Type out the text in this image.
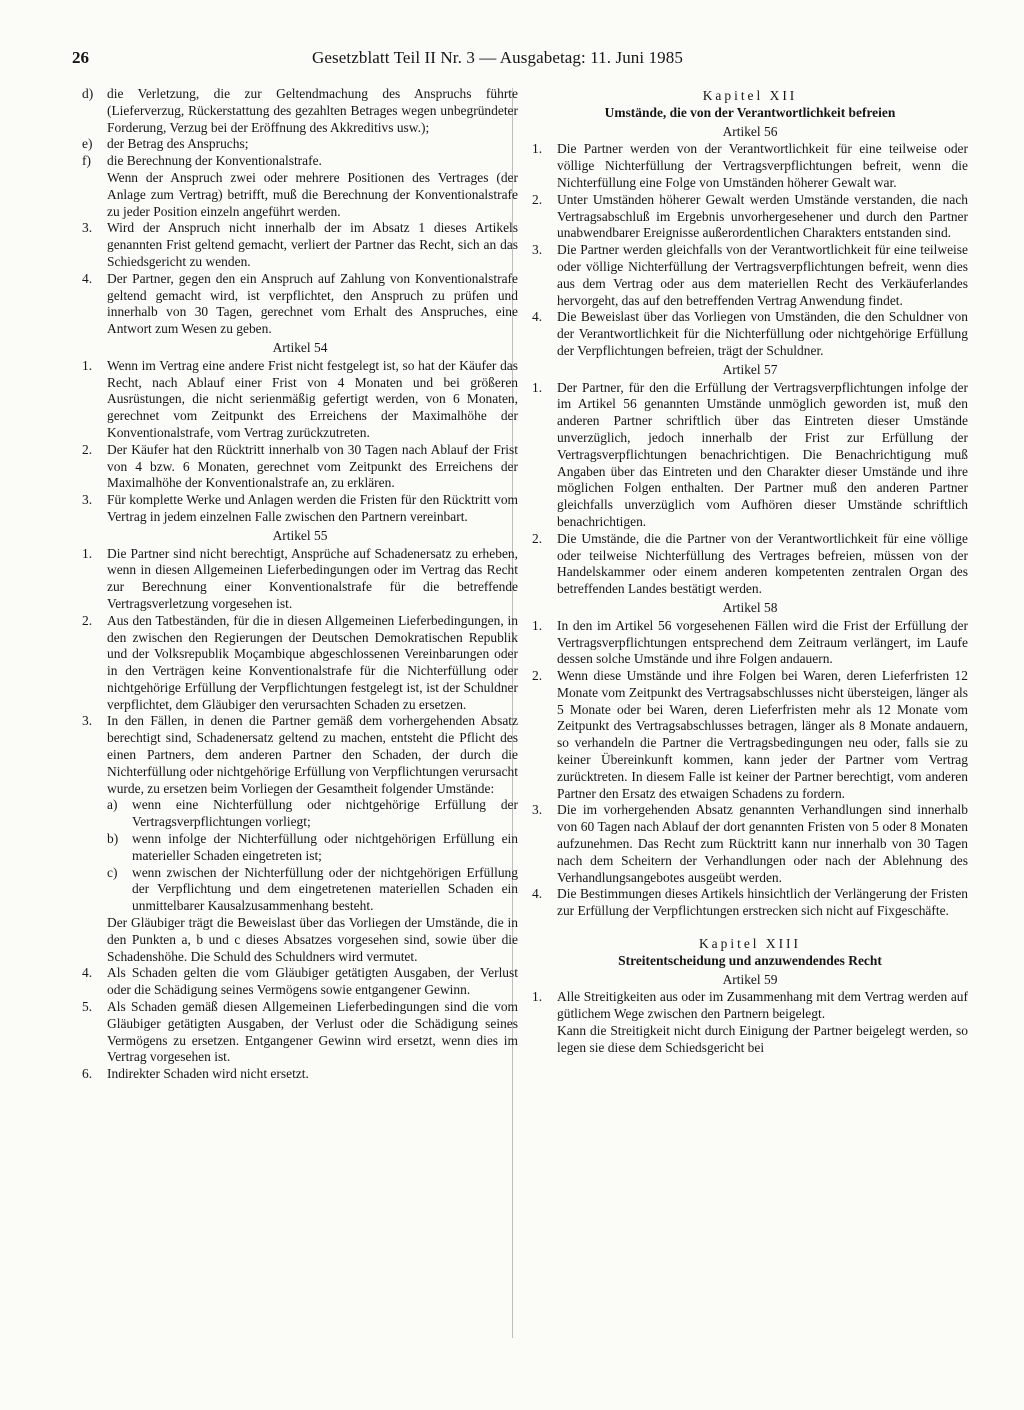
26	Gesetzblatt Teil II Nr. 3 — Ausgabetag: 11. Juni 1985
d) die Verletzung, die zur Geltendmachung des Anspruchs führte (Lieferverzug, Rückerstattung des gezahlten Betrages wegen unbegründeter Forderung, Verzug bei der Eröffnung des Akkreditivs usw.);

e) der Betrag des Anspruchs;

f) die Berechnung der Konventionalstrafe.

Wenn der Anspruch zwei oder mehrere Positionen des Vertrages (der Anlage zum Vertrag) betrifft, muß die Berechnung der Konventionalstrafe zu jeder Position einzeln angeführt werden.

3. Wird der Anspruch nicht innerhalb der im Absatz 1 dieses Artikels genannten Frist geltend gemacht, verliert der Partner das Recht, sich an das Schiedsgericht zu wenden.

4. Der Partner, gegen den ein Anspruch auf Zahlung von Konventionalstrafe geltend gemacht wird, ist verpflichtet, den Anspruch zu prüfen und innerhalb von 30 Tagen, gerechnet vom Erhalt des Anspruches, eine Antwort zum Wesen zu geben.

Artikel 54
1. Wenn im Vertrag eine andere Frist nicht festgelegt ist, so hat der Käufer das Recht, nach Ablauf einer Frist von 4 Monaten und bei größeren Ausrüstungen, die nicht serienmäßig gefertigt werden, von 6 Monaten, gerechnet vom Zeitpunkt des Erreichens der Maximalhöhe der Konventionalstrafe, vom Vertrag zurückzutreten.

2. Der Käufer hat den Rücktritt innerhalb von 30 Tagen nach Ablauf der Frist von 4 bzw. 6 Monaten, gerechnet vom Zeitpunkt des Erreichens der Maximalhöhe der Konventionalstrafe an, zu erklären.

3. Für komplette Werke und Anlagen werden die Fristen für den Rücktritt vom Vertrag in jedem einzelnen Falle zwischen den Partnern vereinbart.

Artikel 55
1. Die Partner sind nicht berechtigt, Ansprüche auf Schadenersatz zu erheben, wenn in diesen Allgemeinen Lieferbedingungen oder im Vertrag das Recht zur Berechnung einer Konventionalstrafe für die betreffende Vertragsverletzung vorgesehen ist.

2. Aus den Tatbeständen, für die in diesen Allgemeinen Lieferbedingungen, in den zwischen den Regierungen der Deutschen Demokratischen Republik und der Volksrepublik Moçambique abgeschlossenen Vereinbarungen oder in den Verträgen keine Konventionalstrafe für die Nichterfüllung oder nichtgehörige Erfüllung der Verpflichtungen festgelegt ist, ist der Schuldner verpflichtet, dem Gläubiger den verursachten Schaden zu ersetzen.

3. In den Fällen, in denen die Partner gemäß dem vorhergehenden Absatz berechtigt sind, Schadenersatz geltend zu machen, entsteht die Pflicht des einen Partners, dem anderen Partner den Schaden, der durch die Nichterfüllung oder nichtgehörige Erfüllung von Verpflichtungen verursacht wurde, zu ersetzen beim Vorliegen der Gesamtheit folgender Umstände:

a) wenn eine Nichterfüllung oder nichtgehörige Erfüllung der Vertragsverpflichtungen vorliegt;

b) wenn infolge der Nichterfüllung oder nichtgehörigen Erfüllung ein materieller Schaden eingetreten ist;

c) wenn zwischen der Nichterfüllung oder der nichtgehörigen Erfüllung der Verpflichtung und dem eingetretenen materiellen Schaden ein unmittelbarer Kausalzusammenhang besteht.

Der Gläubiger trägt die Beweislast über das Vorliegen der Umstände, die in den Punkten a, b und c dieses Absatzes vorgesehen sind, sowie über die Schadenshöhe. Die Schuld des Schuldners wird vermutet.

4. Als Schaden gelten die vom Gläubiger getätigten Ausgaben, der Verlust oder die Schädigung seines Vermögens sowie entgangener Gewinn.

5. Als Schaden gemäß diesen Allgemeinen Lieferbedingungen sind die vom Gläubiger getätigten Ausgaben, der Verlust oder die Schädigung seines Vermögens zu ersetzen. Entgangener Gewinn wird ersetzt, wenn dies im Vertrag vorgesehen ist.

6. Indirekter Schaden wird nicht ersetzt.

Kapitel XII
Umstände, die von der Verantwortlichkeit befreien
Artikel 56
1. Die Partner werden von der Verantwortlichkeit für eine teilweise oder völlige Nichterfüllung der Vertragsverpflichtungen befreit, wenn die Nichterfüllung eine Folge von Umständen höherer Gewalt war.

2. Unter Umständen höherer Gewalt werden Umstände verstanden, die nach Vertragsabschluß im Ergebnis unvorhergesehener und durch den Partner unabwendbarer Ereignisse außerordentlichen Charakters entstanden sind.

3. Die Partner werden gleichfalls von der Verantwortlichkeit für eine teilweise oder völlige Nichterfüllung der Vertragsverpflichtungen befreit, wenn dies aus dem Vertrag oder aus dem materiellen Recht des Verkäuferlandes hervorgeht, das auf den betreffenden Vertrag Anwendung findet.

4. Die Beweislast über das Vorliegen von Umständen, die den Schuldner von der Verantwortlichkeit für die Nichterfüllung oder nichtgehörige Erfüllung der Verpflichtungen befreien, trägt der Schuldner.

Artikel 57
1. Der Partner, für den die Erfüllung der Vertragsverpflichtungen infolge der im Artikel 56 genannten Umstände unmöglich geworden ist, muß den anderen Partner schriftlich über das Eintreten dieser Umstände unverzüglich, jedoch innerhalb der Frist zur Erfüllung der Vertragsverpflichtungen benachrichtigen. Die Benachrichtigung muß Angaben über das Eintreten und den Charakter dieser Umstände und ihre möglichen Folgen enthalten. Der Partner muß den anderen Partner gleichfalls unverzüglich vom Aufhören dieser Umstände schriftlich benachrichtigen.

2. Die Umstände, die die Partner von der Verantwortlichkeit für eine völlige oder teilweise Nichterfüllung des Vertrages befreien, müssen von der Handelskammer oder einem anderen kompetenten zentralen Organ des betreffenden Landes bestätigt werden.

Artikel 58
1. In den im Artikel 56 vorgesehenen Fällen wird die Frist der Erfüllung der Vertragsverpflichtungen entsprechend dem Zeitraum verlängert, im Laufe dessen solche Umstände und ihre Folgen andauern.

2. Wenn diese Umstände und ihre Folgen bei Waren, deren Lieferfristen 12 Monate vom Zeitpunkt des Vertragsabschlusses nicht übersteigen, länger als 5 Monate oder bei Waren, deren Lieferfristen mehr als 12 Monate vom Zeitpunkt des Vertragsabschlusses betragen, länger als 8 Monate andauern, so verhandeln die Partner die Vertragsbedingungen neu oder, falls sie zu keiner Übereinkunft kommen, kann jeder der Partner vom Vertrag zurücktreten. In diesem Falle ist keiner der Partner berechtigt, vom anderen Partner den Ersatz des etwaigen Schadens zu fordern.

3. Die im vorhergehenden Absatz genannten Verhandlungen sind innerhalb von 60 Tagen nach Ablauf der dort genannten Fristen von 5 oder 8 Monaten aufzunehmen. Das Recht zum Rücktritt kann nur innerhalb von 30 Tagen nach dem Scheitern der Verhandlungen oder nach der Ablehnung des Verhandlungsangebotes ausgeübt werden.

4. Die Bestimmungen dieses Artikels hinsichtlich der Verlängerung der Fristen zur Erfüllung der Verpflichtungen erstrecken sich nicht auf Fixgeschäfte.

Kapitel XIII
Streitentscheidung und anzuwendendes Recht
Artikel 59
1. Alle Streitigkeiten aus oder im Zusammenhang mit dem Vertrag werden auf gütlichem Wege zwischen den Partnern beigelegt.

Kann die Streitigkeit nicht durch Einigung der Partner beigelegt werden, so legen sie diese dem Schiedsgericht bei
